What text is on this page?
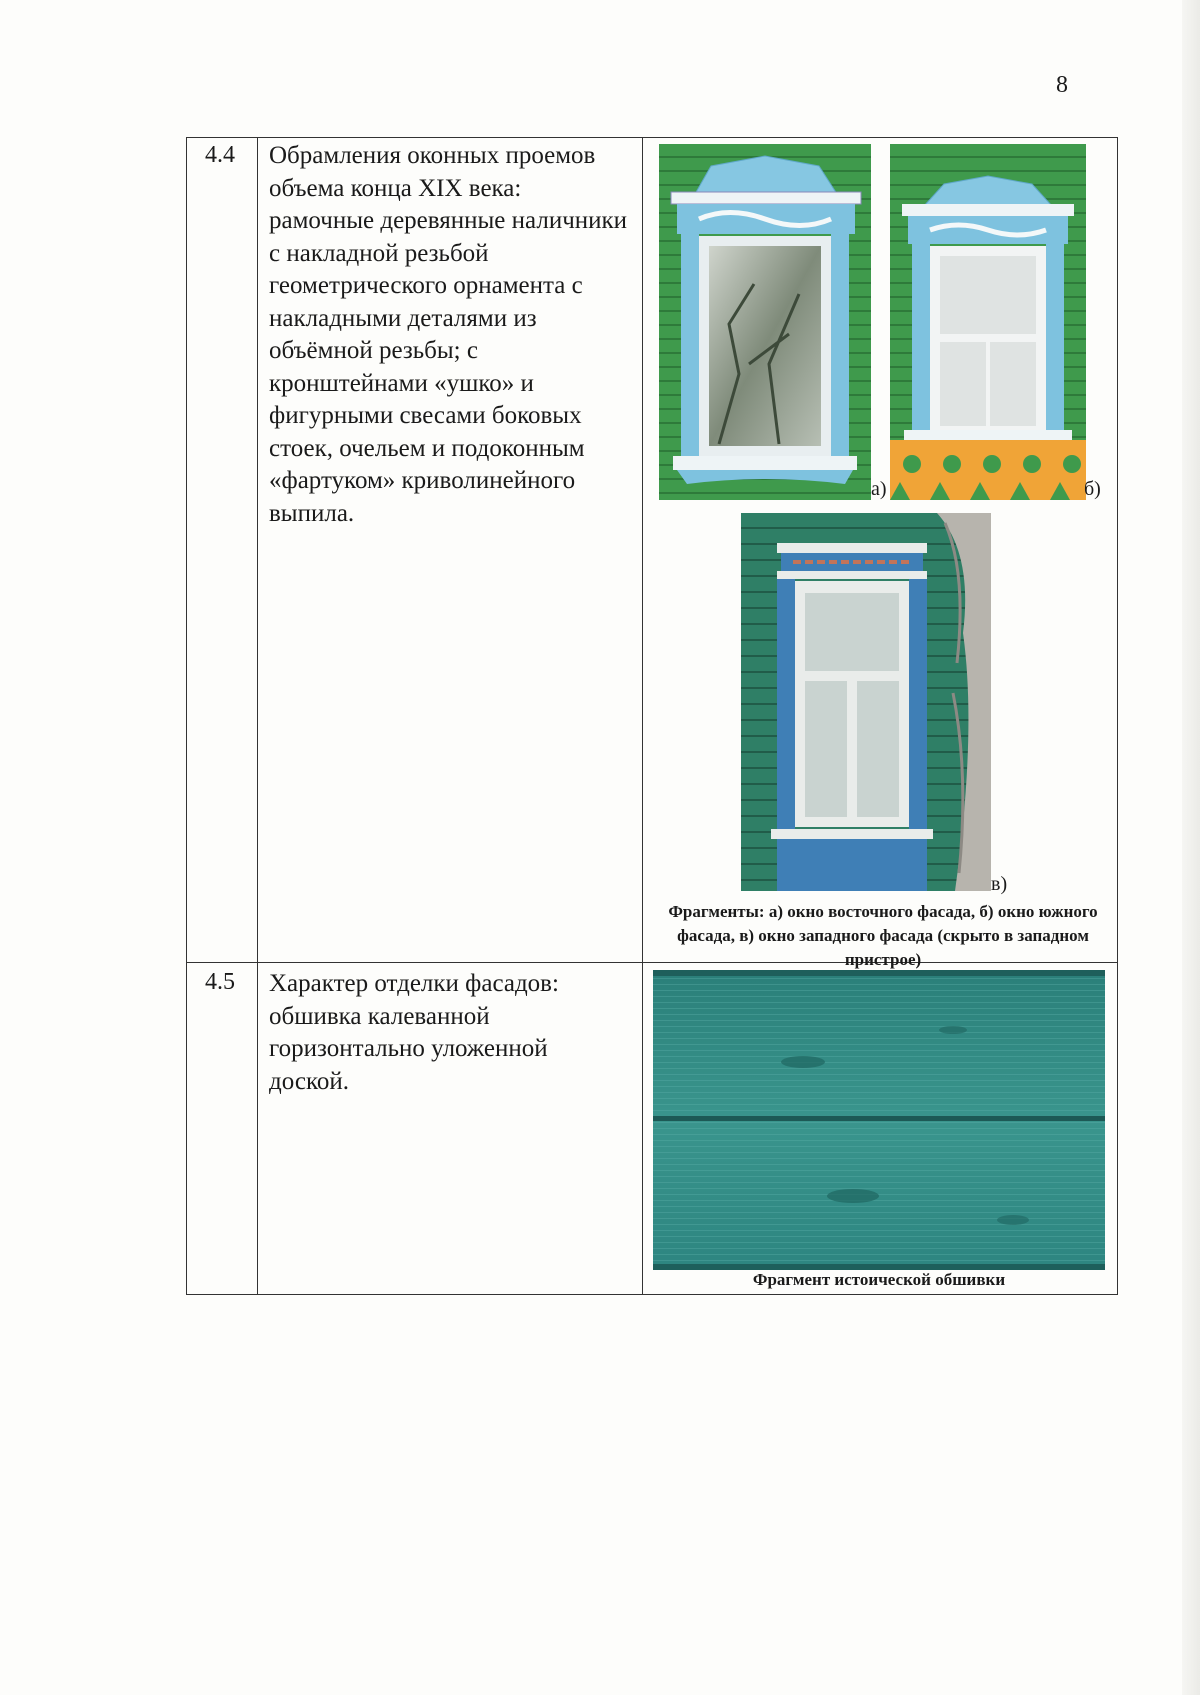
8
4.4 Обрамления оконных проемов объема конца XIX века: рамочные деревянные наличники с накладной резьбой геометрического орнамента с накладными деталями из объёмной резьбы; с кронштейнами «ушко» и фигурными свесами боковых стоек, очельем и подоконным «фартуком» криволинейного выпила.

а)	б)
в)
Фрагменты: а) окно восточного фасада, б) окно южного фасада, в) окно западного фасада (скрыто в западном пристрое)
4.5 Характер отделки фасадов: обшивка калеванной горизонтально уложенной доской.

Фрагмент истоической обшивки
